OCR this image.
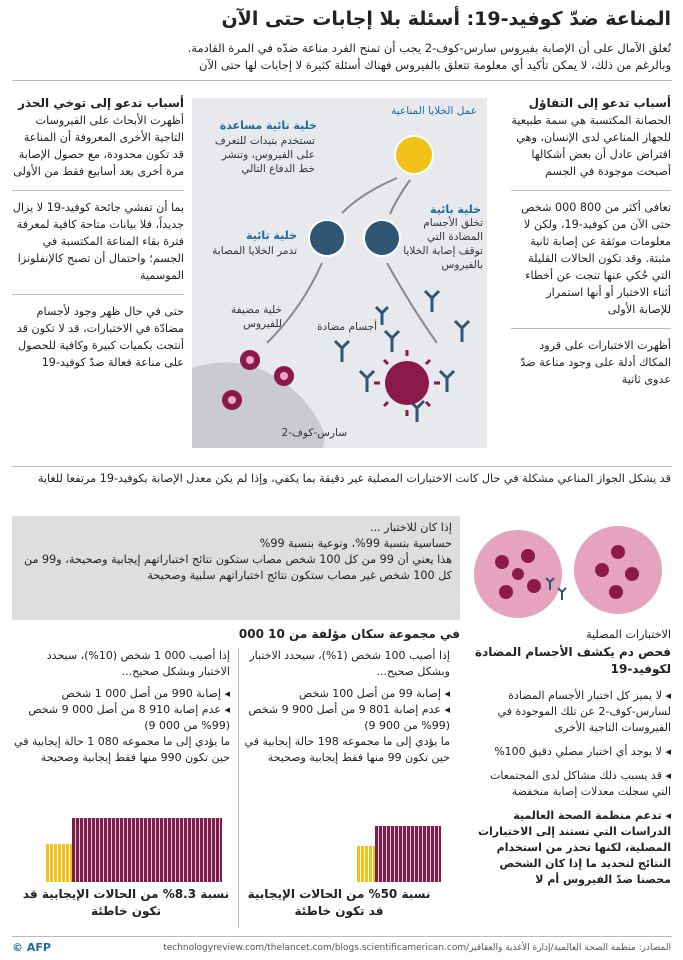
المناعة ضدّ كوفيد-19: أسئلة بلا إجابات حتى الآن
تُعلق الآمال على أن الإصابة بفيروس سارس-كوف-2 يجب أن تمنح الفرد مناعة ضدّه في المرة القادمة.
وبالرغم من ذلك، لا يمكن تأكيد أي معلومة تتعلق بالفيروس فهناك أسئلة كثيرة لا إجابات لها حتى الآن
أسباب تدعو إلى التفاؤل
الحصانة المكتسبة هي سمة طبيعية للجهاز المناعي لدى الإنسان، وهي افتراض عادل أن بعض أشكالها أصبحت موجودة في الجسم
تعافى أكثر من 800 000 شخص حتى الآن من كوفيد-19، ولكن لا معلومات موثقة عن إصابة ثانية مثبتة. وقد تكون الحالات القليلة التي حُكي عنها تنجت عن أخطاء أثناء الاختبار أو أنها استمرار للإصابة الأولى
أظهرت الاختبارات على قرود المكاك أدلة على وجود مناعة ضدّ عدوى ثانية
أسباب تدعو إلى توخي الحذر
أظهرت الأبحاث على الفيروسات التاجية الأخرى المعروفة أن المناعة قد تكون محدودة، مع حصول الإصابة مرة أخرى بعد أسابيع فقط من الأولى
بما أن تفشي جائحة كوفيد-19 لا يزال جديداً، فلا بيانات متاحة كافية لمعرفة فترة بقاء المناعة المكتسبة في الجسم؛ واحتمال أن تصبح كالإنفلونزا الموسمية
حتى في حال ظهر وجود لأجسام مضادّة في الاختبارات، قد لا تكون قد أنتجت بكميات كبيرة وكافية للحصول على مناعة فعالة ضدّ كوفيد-19
عمل الخلايا المناعية
خلية تائية مساعدة
تستخدم بتيدات للتعرف على الفيروس، وتنشر خط الدفاع التالي
خلية تائية
تدمر الخلايا المصابة
خلية بائية
تخلق الأجسام المضادة التي توقف إصابة الخلايا بالفيروس
خلية مضيفة للفيروس	أجسام مضادة
سارس-كوف-2
قد يشكل الجواز المناعي مشكلة في حال كانت الاختبارات المصلية غير دقيقة بما يكفي، وإذا لم يكن معدل الإصابة بكوفيد-19 مرتفعا للغاية
إذا كان للاختبار ...
حساسية بنسبة 99%، ونوعية بنسبة 99%
هذا يعني أن 99 من كل 100 شخص مصاب ستكون نتائج اختباراتهم إيجابية وصحيحة، و99 من كل 100 شخص غير مصاب ستكون نتائج اختباراتهم سلبية وصحيحة
في مجموعة سكان مؤلفة من 10 000
إذا أصيب 100 شخص (1%)، سيحدد الاختبار وبشكل صحيح...
◂ إصابة 99 من أصل 100 شخص
◂ عدم إصابة 801 9 من أصل 900 9 شخص (99% من 900 9)
ما يؤدي إلى ما مجموعه 198 حالة إيجابية في حين تكون 99 منها فقط إيجابية وصحيحة
إذا أصيب 000 1 شخص (10%)، سيحدد الاختبار وبشكل صحيح...
◂ إصابة 990 من أصل 000 1 شخص
◂ عدم إصابة 910 8 من أصل 000 9 شخص (99% من 000 9)
ما يؤدي إلى ما مجموعه 080 1 حالة إيجابية في حين تكون 990 منها فقط إيجابية وصحيحة
نسبة 50% من الحالات الإيجابية قد تكون خاطئة
نسبة 8.3% من الحالات الإيجابية قد تكون خاطئة
الاختبارات المصلية
فحص دم يكشف الأجسام المضادة لكوفيد-19
◂ لا يميز كل اختبار الأجسام المضادة لسارس-كوف-2 عن تلك الموجودة في الفيروسات التاجية الأخرى
◂ لا يوجد أي اختبار مصلي دقيق 100%
◂ قد يسبب ذلك مشاكل لدى المجتمعات التي سجلت معدلات إصابة منخفضة
◂ تدعم منظمة الصحة العالمية الدراسات التي تستند إلى الاختبارات المصلية، لكنها تحذر من استخدام النتائج لتحديد ما إذا كان الشخص محصنا ضدّ الفيروس أم لا
© AFP	المصادر: منظمة الصحة العالمية/إدارة الأغذية والعقاقير/technologyreview.com/thelancet.com/blogs.scientificamerican.com
